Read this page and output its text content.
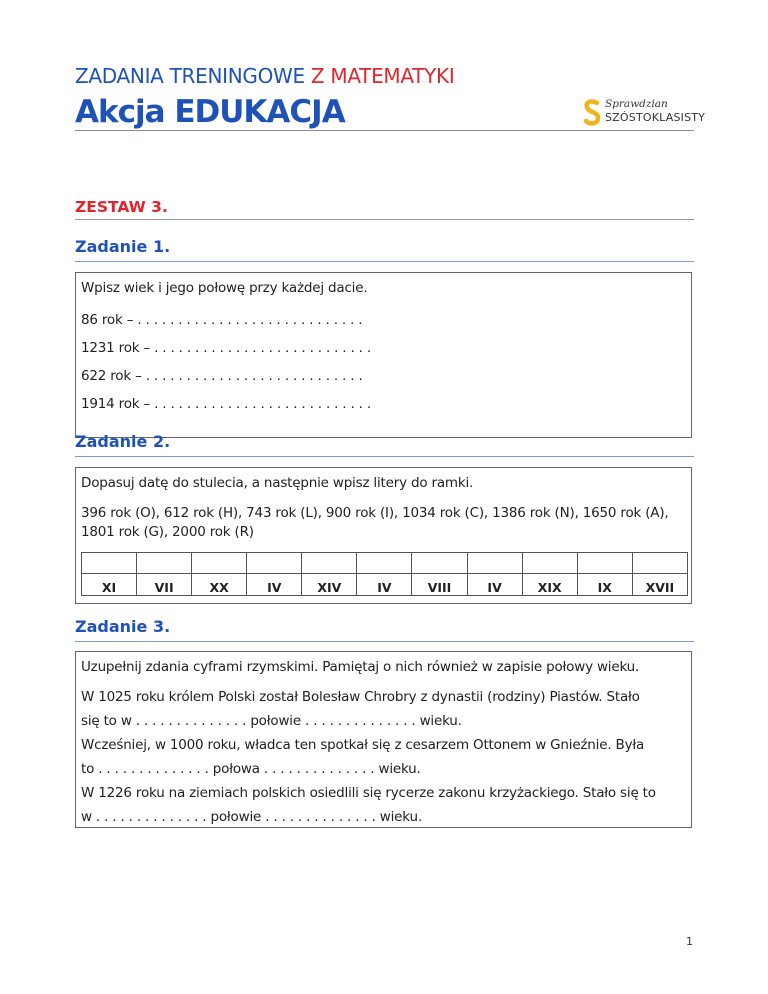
ZADANIA TRENINGOWE Z MATEMATYKI
Akcja EDUKACJA	Sprawdzian
SZÓSTOKLASISTY
ZESTAW 3.
Zadanie 1.
Wpisz wiek i jego połowę przy każdej dacie.
86 rok – . . . . . . . . . . . . . . . . . . . . . . . . . . . .
1231 rok – . . . . . . . . . . . . . . . . . . . . . . . . . . .
622 rok – . . . . . . . . . . . . . . . . . . . . . . . . . . .
1914 rok – . . . . . . . . . . . . . . . . . . . . . . . . . . .
Zadanie 2.
Dopasuj datę do stulecia, a następnie wpisz litery do ramki.
396 rok (O), 612 rok (H), 743 rok (L), 900 rok (I), 1034 rok (C), 1386 rok (N), 1650 rok (A),
1801 rok (G), 2000 rok (R)

XI	VII	XX	IV	XIV	IV	VIII	IV	XIX	IX	XVII
Zadanie 3.
Uzupełnij zdania cyframi rzymskimi. Pamiętaj o nich również w zapisie połowy wieku.
W 1025 roku królem Polski został Bolesław Chrobry z dynastii (rodziny) Piastów. Stało
się to w . . . . . . . . . . . . . . połowie . . . . . . . . . . . . . . wieku.
Wcześniej, w 1000 roku, władca ten spotkał się z cesarzem Ottonem w Gnieźnie. Była
to . . . . . . . . . . . . . . połowa . . . . . . . . . . . . . . wieku.
W 1226 roku na ziemiach polskich osiedlili się rycerze zakonu krzyżackiego. Stało się to
w . . . . . . . . . . . . . . połowie . . . . . . . . . . . . . . wieku.
1
